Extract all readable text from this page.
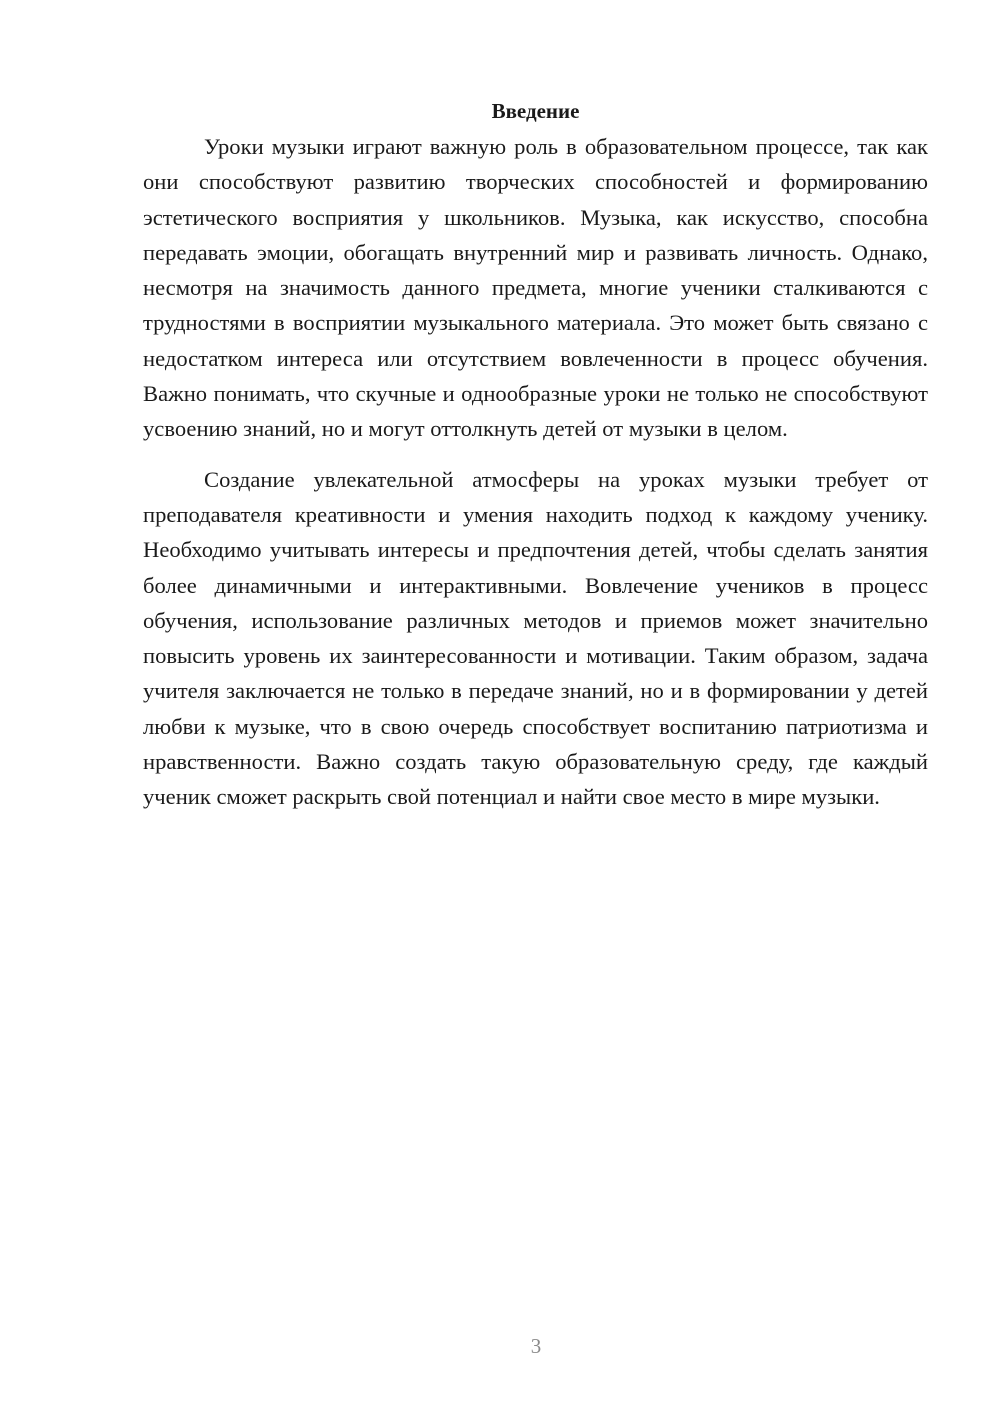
Введение

Уроки музыки играют важную роль в образовательном процессе, так как они способствуют развитию творческих способностей и формированию эстетического восприятия у школьников. Музыка, как искусство, способна передавать эмоции, обогащать внутренний мир и развивать личность. Однако, несмотря на значимость данного предмета, многие ученики сталкиваются с трудностями в восприятии музыкального материала. Это может быть связано с недостатком интереса или отсутствием вовлеченности в процесс обучения. Важно понимать, что скучные и однообразные уроки не только не способствуют усвоению знаний, но и могут оттолкнуть детей от музыки в целом.

Создание увлекательной атмосферы на уроках музыки требует от преподавателя креативности и умения находить подход к каждому ученику. Необходимо учитывать интересы и предпочтения детей, чтобы сделать занятия более динамичными и интерактивными. Вовлечение учеников в процесс обучения, использование различных методов и приемов может значительно повысить уровень их заинтересованности и мотивации. Таким образом, задача учителя заключается не только в передаче знаний, но и в формировании у детей любви к музыке, что в свою очередь способствует воспитанию патриотизма и нравственности. Важно создать такую образовательную среду, где каждый ученик сможет раскрыть свой потенциал и найти свое место в мире музыки.

3
